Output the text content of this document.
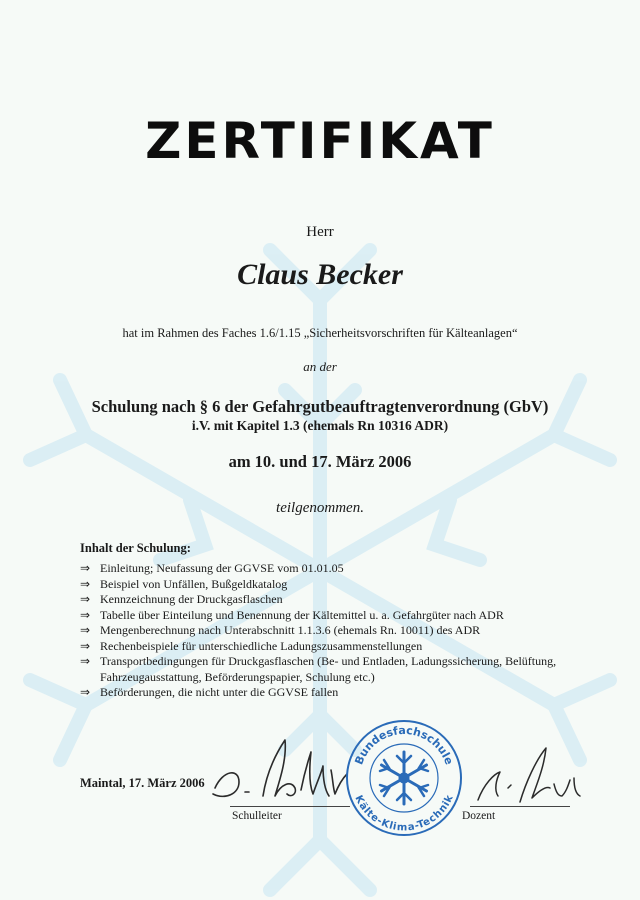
ZERTIFIKAT
Herr
Claus Becker
hat im Rahmen des Faches 1.6/1.15 „Sicherheitsvorschriften für Kälteanlagen“
an der
Schulung nach § 6 der Gefahrgutbeauftragtenverordnung (GbV)
i.V. mit Kapitel 1.3 (ehemals Rn 10316 ADR)
am 10. und 17. März 2006
teilgenommen.
Inhalt der Schulung:
⇒ Einleitung; Neufassung der GGVSE vom 01.01.05
⇒ Beispiel von Unfällen, Bußgeldkatalog
⇒ Kennzeichnung der Druckgasflaschen
⇒ Tabelle über Einteilung und Benennung der Kältemittel u. a. Gefahrgüter nach ADR
⇒ Mengenberechnung nach Unterabschnitt 1.1.3.6 (ehemals Rn. 10011) des ADR
⇒ Rechenbeispiele für unterschiedliche Ladungszusammenstellungen
⇒ Transportbedingungen für Druckgasflaschen (Be- und Entladen, Ladungssicherung, Belüftung, Fahrzeugausstattung, Beförderungspapier, Schulung etc.)
⇒ Beförderungen, die nicht unter die GGVSE fallen
Maintal, 17. März 2006
Schulleiter
Bundesfachschule
Kälte-Klima-Technik
Dozent
